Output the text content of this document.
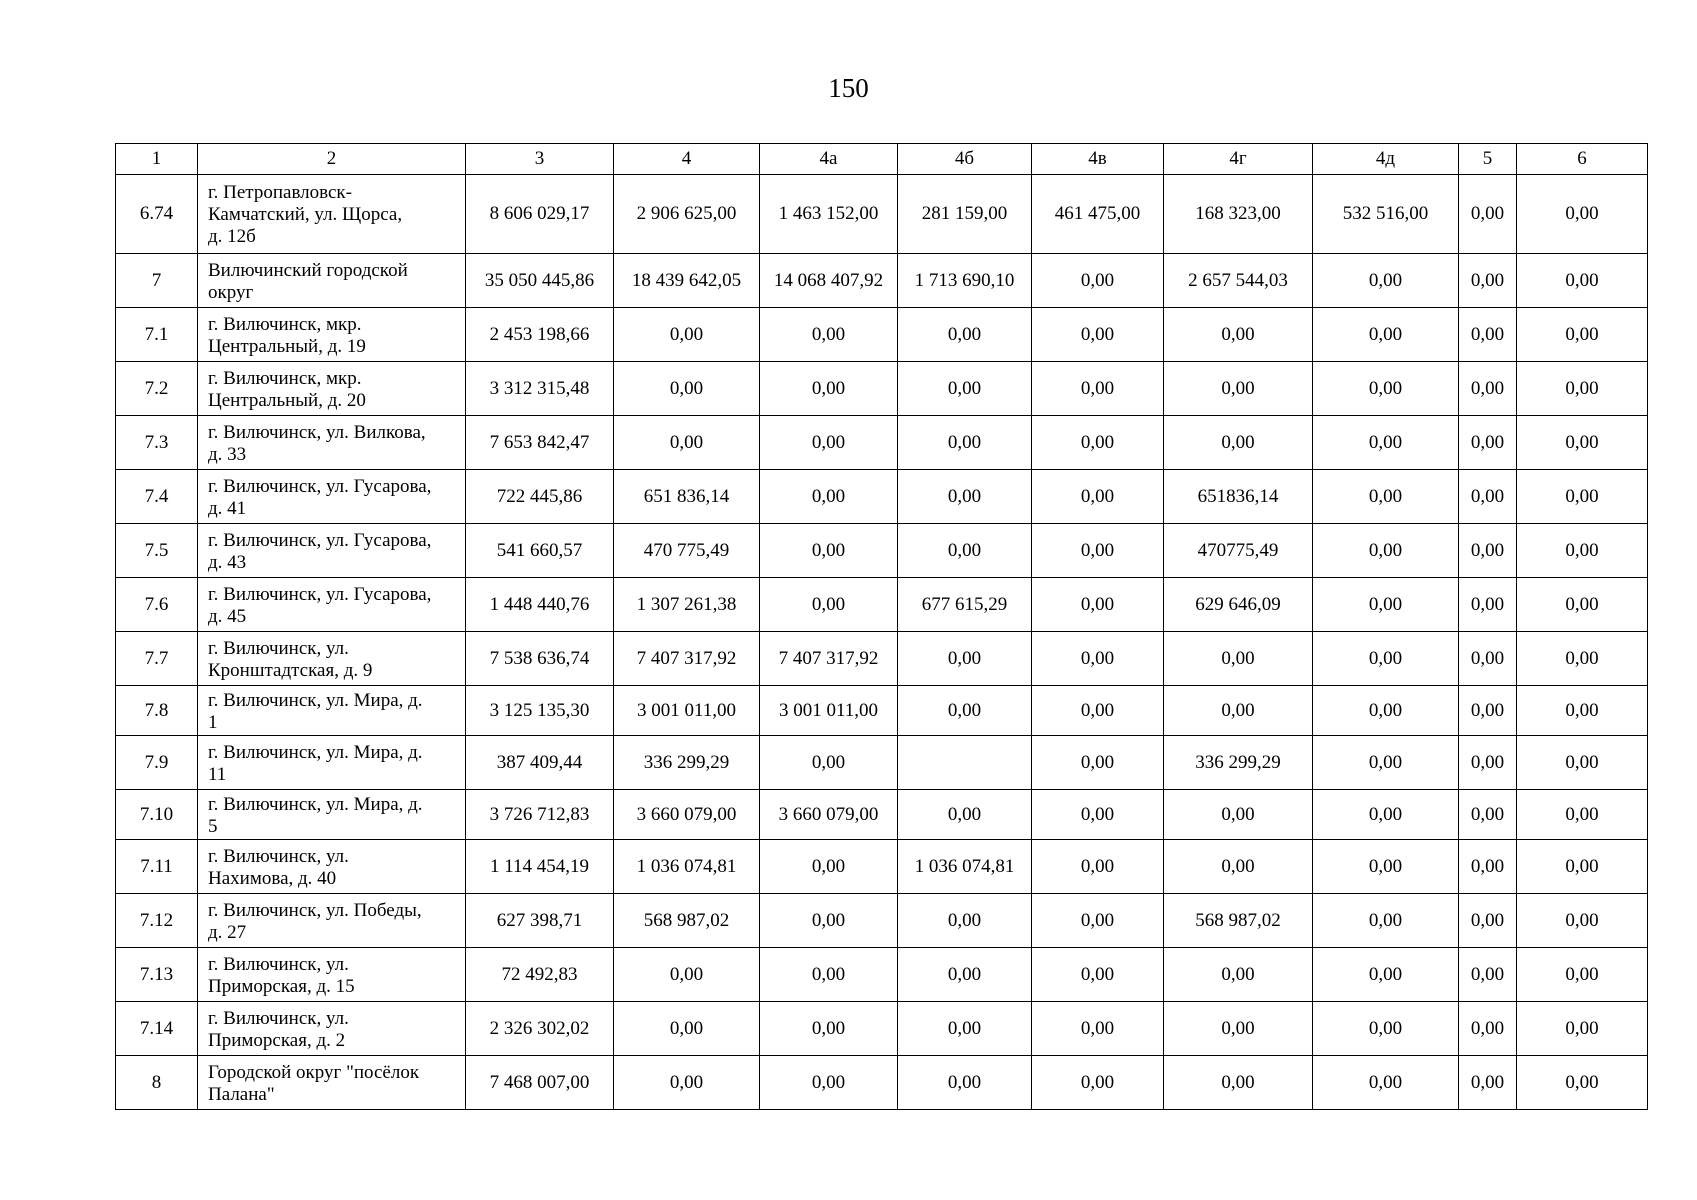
150
1	2	3	4	4а	4б	4в	4г	4д	5	6
6.74	г. Петропавловск-
Камчатский, ул. Щорса,
д. 12б	8 606 029,17	2 906 625,00	1 463 152,00	281 159,00	461 475,00	168 323,00	532 516,00	0,00	0,00
7	Вилючинский городской
округ	35 050 445,86	18 439 642,05	14 068 407,92	1 713 690,10	0,00	2 657 544,03	0,00	0,00	0,00
7.1	г. Вилючинск, мкр.
Центральный, д. 19	2 453 198,66	0,00	0,00	0,00	0,00	0,00	0,00	0,00	0,00
7.2	г. Вилючинск, мкр.
Центральный, д. 20	3 312 315,48	0,00	0,00	0,00	0,00	0,00	0,00	0,00	0,00
7.3	г. Вилючинск, ул. Вилкова,
д. 33	7 653 842,47	0,00	0,00	0,00	0,00	0,00	0,00	0,00	0,00
7.4	г. Вилючинск, ул. Гусарова,
д. 41	722 445,86	651 836,14	0,00	0,00	0,00	651836,14	0,00	0,00	0,00
7.5	г. Вилючинск, ул. Гусарова,
д. 43	541 660,57	470 775,49	0,00	0,00	0,00	470775,49	0,00	0,00	0,00
7.6	г. Вилючинск, ул. Гусарова,
д. 45	1 448 440,76	1 307 261,38	0,00	677 615,29	0,00	629 646,09	0,00	0,00	0,00
7.7	г. Вилючинск, ул.
Кронштадтская, д. 9	7 538 636,74	7 407 317,92	7 407 317,92	0,00	0,00	0,00	0,00	0,00	0,00
7.8	г. Вилючинск, ул. Мира, д.
1	3 125 135,30	3 001 011,00	3 001 011,00	0,00	0,00	0,00	0,00	0,00	0,00
7.9	г. Вилючинск, ул. Мира, д.
11	387 409,44	336 299,29	0,00		0,00	336 299,29	0,00	0,00	0,00
7.10	г. Вилючинск, ул. Мира, д.
5	3 726 712,83	3 660 079,00	3 660 079,00	0,00	0,00	0,00	0,00	0,00	0,00
7.11	г. Вилючинск, ул.
Нахимова, д. 40	1 114 454,19	1 036 074,81	0,00	1 036 074,81	0,00	0,00	0,00	0,00	0,00
7.12	г. Вилючинск, ул. Победы,
д. 27	627 398,71	568 987,02	0,00	0,00	0,00	568 987,02	0,00	0,00	0,00
7.13	г. Вилючинск, ул.
Приморская, д. 15	72 492,83	0,00	0,00	0,00	0,00	0,00	0,00	0,00	0,00
7.14	г. Вилючинск, ул.
Приморская, д. 2	2 326 302,02	0,00	0,00	0,00	0,00	0,00	0,00	0,00	0,00
8	Городской округ "посёлок
Палана"	7 468 007,00	0,00	0,00	0,00	0,00	0,00	0,00	0,00	0,00
